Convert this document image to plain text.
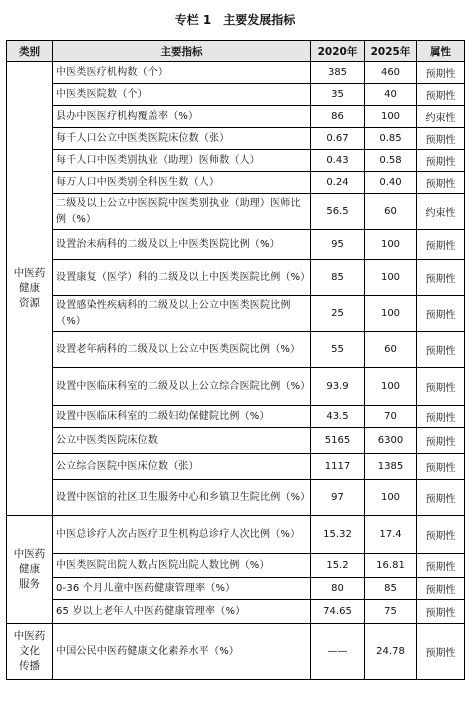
专栏 1　主要发展指标
类别	主要指标	2020年	2025年	属性

中医药
健康
资源	中医类医疗机构数（个）	385	460	预期性
	中医类医院数（个）	35	40	预期性
	县办中医医疗机构覆盖率（%）	86	100	约束性
	每千人口公立中医类医院床位数（张）	0.67	0.85	预期性
	每千人口中医类别执业（助理）医师数（人）	0.43	0.58	预期性
	每万人口中医类别全科医生数（人）	0.24	0.40	预期性
	二级及以上公立中医医院中医类别执业（助理）医师比例（%）	56.5	60	约束性
	设置治未病科的二级及以上中医类医院比例（%）	95	100	预期性
	设置康复（医学）科的二级及以上中医类医院比例（%）	85	100	预期性
	设置感染性疾病科的二级及以上公立中医类医院比例（%）	25	100	预期性
	设置老年病科的二级及以上公立中医类医院比例（%）	55	60	预期性
	设置中医临床科室的二级及以上公立综合医院比例（%）	93.9	100	预期性
	设置中医临床科室的二级妇幼保健院比例（%）	43.5	70	预期性
	公立中医类医院床位数	5165	6300	预期性
	公立综合医院中医床位数（张）	1117	1385	预期性
	设置中医馆的社区卫生服务中心和乡镇卫生院比例（%）	97	100	预期性

中医药
健康
服务	中医总诊疗人次占医疗卫生机构总诊疗人次比例（%）	15.32	17.4	预期性
	中医类医院出院人数占医院出院人数比例（%）	15.2	16.81	预期性
	0-36 个月儿童中医药健康管理率（%）	80	85	预期性
	65 岁以上老年人中医药健康管理率（%）	74.65	75	预期性

中医药
文化
传播	中国公民中医药健康文化素养水平（%）	——	24.78	预期性
